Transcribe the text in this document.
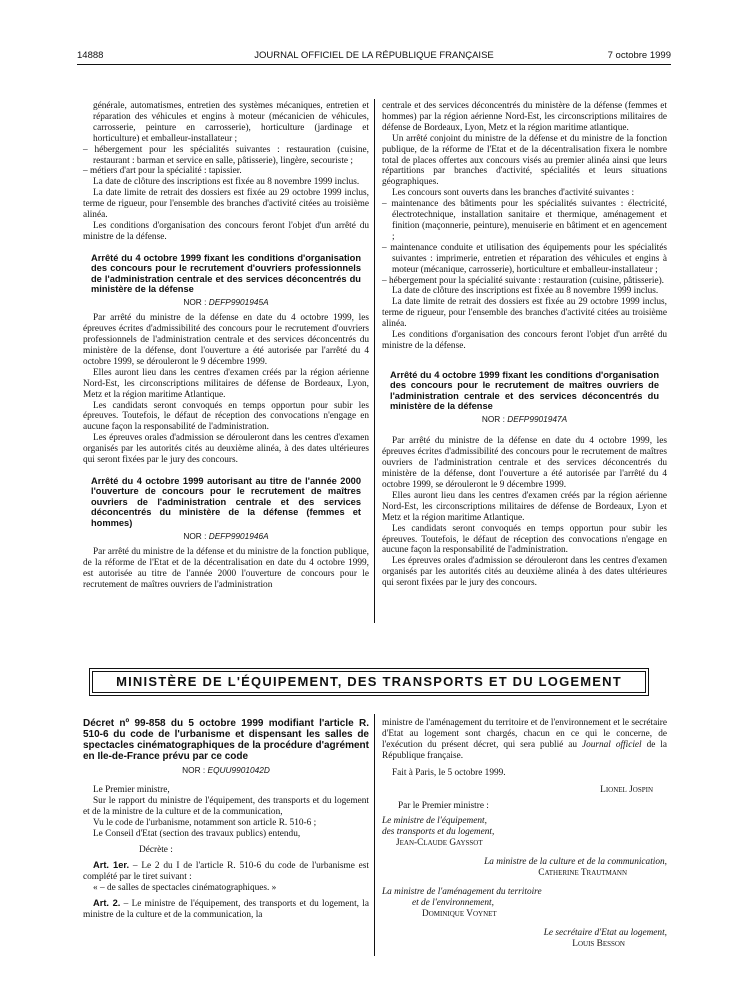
14888	JOURNAL OFFICIEL DE LA RÉPUBLIQUE FRANÇAISE	7 octobre 1999

générale, automatismes, entretien des systèmes mécaniques, entretien et réparation des véhicules et engins à moteur (mécanicien de véhicules, carrosserie, peinture en carrosserie), horticulture (jardinage et horticulture) et emballeur-installateur ;

– hébergement pour les spécialités suivantes : restauration (cuisine, restaurant : barman et service en salle, pâtisserie), lingère, secouriste ;

– métiers d'art pour la spécialité : tapissier.

La date de clôture des inscriptions est fixée au 8 novembre 1999 inclus.

La date limite de retrait des dossiers est fixée au 29 octobre 1999 inclus, terme de rigueur, pour l'ensemble des branches d'activité citées au troisième alinéa.

Les conditions d'organisation des concours feront l'objet d'un arrêté du ministre de la défense.

Arrêté du 4 octobre 1999 fixant les conditions d'organisation des concours pour le recrutement d'ouvriers professionnels de l'administration centrale et des services déconcentrés du ministère de la défense
NOR : DEFP9901945A

Par arrêté du ministre de la défense en date du 4 octobre 1999, les épreuves écrites d'admissibilité des concours pour le recrutement d'ouvriers professionnels de l'administration centrale et des services déconcentrés du ministère de la défense, dont l'ouverture a été autorisée par l'arrêté du 4 octobre 1999, se dérouleront le 9 décembre 1999.

Elles auront lieu dans les centres d'examen créés par la région aérienne Nord-Est, les circonscriptions militaires de défense de Bordeaux, Lyon, Metz et la région maritime Atlantique.

Les candidats seront convoqués en temps opportun pour subir les épreuves. Toutefois, le défaut de réception des convocations n'engage en aucune façon la responsabilité de l'administration.

Les épreuves orales d'admission se dérouleront dans les centres d'examen organisés par les autorités cités au deuxième alinéa, à des dates ultérieures qui seront fixées par le jury des concours.

Arrêté du 4 octobre 1999 autorisant au titre de l'année 2000 l'ouverture de concours pour le recrutement de maîtres ouvriers de l'administration centrale et des services déconcentrés du ministère de la défense (femmes et hommes)
NOR : DEFP9901946A

Par arrêté du ministre de la défense et du ministre de la fonction publique, de la réforme de l'Etat et de la décentralisation en date du 4 octobre 1999, est autorisée au titre de l'année 2000 l'ouverture de concours pour le recrutement de maîtres ouvriers de l'administration

centrale et des services déconcentrés du ministère de la défense (femmes et hommes) par la région aérienne Nord-Est, les circonscriptions militaires de défense de Bordeaux, Lyon, Metz et la région maritime atlantique.

Un arrêté conjoint du ministre de la défense et du ministre de la fonction publique, de la réforme de l'Etat et de la décentralisation fixera le nombre total de places offertes aux concours visés au premier alinéa ainsi que leurs répartitions par branches d'activité, spécialités et leurs situations géographiques.

Les concours sont ouverts dans les branches d'activité suivantes :

– maintenance des bâtiments pour les spécialités suivantes : électricité, électrotechnique, installation sanitaire et thermique, aménagement et finition (maçonnerie, peinture), menuiserie en bâtiment et en agencement ;

– maintenance conduite et utilisation des équipements pour les spécialités suivantes : imprimerie, entretien et réparation des véhicules et engins à moteur (mécanique, carrosserie), horticulture et emballeur-installateur ;

– hébergement pour la spécialité suivante : restauration (cuisine, pâtisserie).

La date de clôture des inscriptions est fixée au 8 novembre 1999 inclus.

La date limite de retrait des dossiers est fixée au 29 octobre 1999 inclus, terme de rigueur, pour l'ensemble des branches d'activité citées au troisième alinéa.

Les conditions d'organisation des concours feront l'objet d'un arrêté du ministre de la défense.

Arrêté du 4 octobre 1999 fixant les conditions d'organisation des concours pour le recrutement de maîtres ouvriers de l'administration centrale et des services déconcentrés du ministère de la défense
NOR : DEFP9901947A

Par arrêté du ministre de la défense en date du 4 octobre 1999, les épreuves écrites d'admissibilité des concours pour le recrutement de maîtres ouvriers de l'administration centrale et des services déconcentrés du ministère de la défense, dont l'ouverture a été autorisée par l'arrêté du 4 octobre 1999, se dérouleront le 9 décembre 1999.

Elles auront lieu dans les centres d'examen créés par la région aérienne Nord-Est, les circonscriptions militaires de défense de Bordeaux, Lyon et Metz et la région maritime Atlantique.

Les candidats seront convoqués en temps opportun pour subir les épreuves. Toutefois, le défaut de réception des convocations n'engage en aucune façon la responsabilité de l'administration.

Les épreuves orales d'admission se dérouleront dans les centres d'examen organisés par les autorités cités au deuxième alinéa à des dates ultérieures qui seront fixées par le jury des concours.

MINISTÈRE DE L'ÉQUIPEMENT, DES TRANSPORTS ET DU LOGEMENT
Décret nº 99-858 du 5 octobre 1999 modifiant l'article R. 510-6 du code de l'urbanisme et dispensant les salles de spectacles cinématographiques de la procédure d'agrément en Ile-de-France prévu par ce code
NOR : EQUU9901042D

Le Premier ministre,

Sur le rapport du ministre de l'équipement, des transports et du logement et de la ministre de la culture et de la communication,

Vu le code de l'urbanisme, notamment son article R. 510-6 ;

Le Conseil d'Etat (section des travaux publics) entendu,

Décrète :

Art. 1er. – Le 2 du I de l'article R. 510-6 du code de l'urbanisme est complété par le tiret suivant :

« – de salles de spectacles cinématographiques. »

Art. 2. – Le ministre de l'équipement, des transports et du logement, la ministre de la culture et de la communication, la

ministre de l'aménagement du territoire et de l'environnement et le secrétaire d'Etat au logement sont chargés, chacun en ce qui le concerne, de l'exécution du présent décret, qui sera publié au Journal officiel de la République française.

Fait à Paris, le 5 octobre 1999.

Lionel Jospin
Par le Premier ministre :
Le ministre de l'équipement,
des transports et du logement,
Jean-Claude Gayssot
La ministre de la culture et de la communication,
Catherine Trautmann
La ministre de l'aménagement du territoire
et de l'environnement,
Dominique Voynet
Le secrétaire d'Etat au logement,
Louis Besson
